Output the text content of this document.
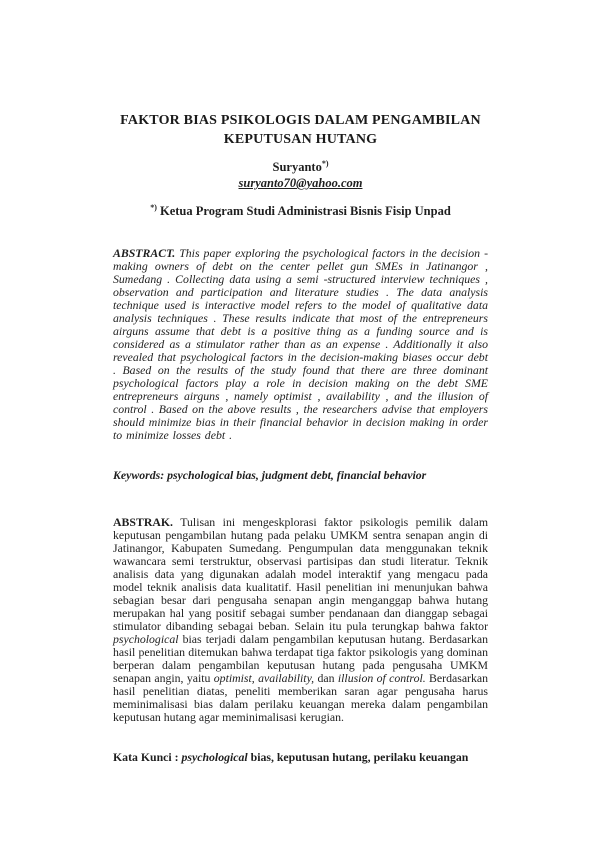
FAKTOR BIAS PSIKOLOGIS DALAM PENGAMBILAN
KEPUTUSAN HUTANG
Suryanto*)
suryanto70@yahoo.com
*) Ketua Program Studi Administrasi Bisnis Fisip Unpad

ABSTRACT. This paper exploring the psychological factors in the decision - making owners of debt on the center pellet gun SMEs in Jatinangor , Sumedang . Collecting data using a semi -structured interview techniques , observation and participation and literature studies . The data analysis technique used is interactive model refers to the model of qualitative data analysis techniques . These results indicate that most of the entrepreneurs airguns assume that debt is a positive thing as a funding source and is considered as a stimulator rather than as an expense . Additionally it also revealed that psychological factors in the decision-making biases occur debt . Based on the results of the study found that there are three dominant psychological factors play a role in decision making on the debt SME entrepreneurs airguns , namely optimist , availability , and the illusion of control . Based on the above results , the researchers advise that employers should minimize bias in their financial behavior in decision making in order to minimize losses debt .

Keywords: psychological bias, judgment debt, financial behavior

ABSTRAK. Tulisan ini mengeskplorasi faktor psikologis pemilik dalam keputusan pengambilan hutang pada pelaku UMKM sentra senapan angin di Jatinangor, Kabupaten Sumedang. Pengumpulan data menggunakan teknik wawancara semi terstruktur, observasi partisipas dan studi literatur. Teknik analisis data yang digunakan adalah model interaktif yang mengacu pada model teknik analisis data kualitatif. Hasil penelitian ini menunjukan bahwa sebagian besar dari pengusaha senapan angin menganggap bahwa hutang merupakan hal yang positif sebagai sumber pendanaan dan dianggap sebagai stimulator dibanding sebagai beban. Selain itu pula terungkap bahwa faktor psychological bias terjadi dalam pengambilan keputusan hutang. Berdasarkan hasil penelitian ditemukan bahwa terdapat tiga faktor psikologis yang dominan berperan dalam pengambilan keputusan hutang pada pengusaha UMKM senapan angin, yaitu optimist, availability, dan illusion of control. Berdasarkan hasil penelitian diatas, peneliti memberikan saran agar pengusaha harus meminimalisasi bias dalam perilaku keuangan mereka dalam pengambilan keputusan hutang agar meminimalisasi kerugian.

Kata Kunci : psychological bias, keputusan hutang, perilaku keuangan
